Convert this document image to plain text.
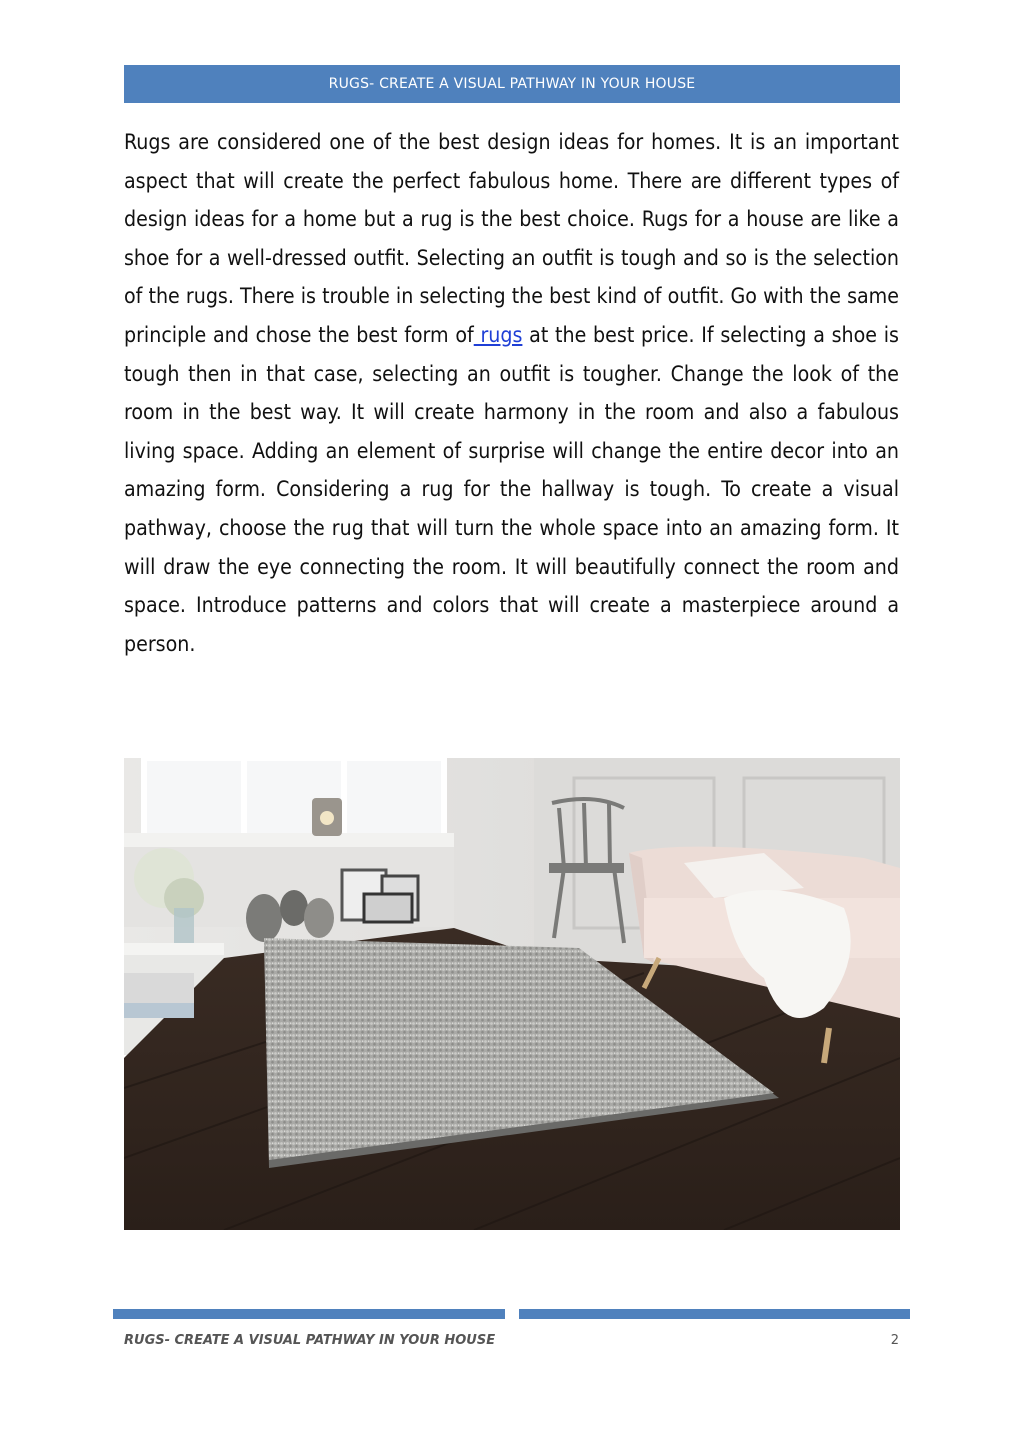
RUGS- CREATE A VISUAL PATHWAY IN YOUR HOUSE
Rugs are considered one of the best design ideas for homes. It is an important aspect that will create the perfect fabulous home. There are different types of design ideas for a home but a rug is the best choice. Rugs for a house are like a shoe for a well-dressed outfit. Selecting an outfit is tough and so is the selection of the rugs. There is trouble in selecting the best kind of outfit. Go with the same principle and chose the best form of rugs at the best price. If selecting a shoe is tough then in that case, selecting an outfit is tougher. Change the look of the room in the best way. It will create harmony in the room and also a fabulous living space. Adding an element of surprise will change the entire decor into an amazing form. Considering a rug for the hallway is tough. To create a visual pathway, choose the rug that will turn the whole space into an amazing form. It will draw the eye connecting the room. It will beautifully connect the room and space. Introduce patterns and colors that will create a masterpiece around a person.
RUGS- CREATE A VISUAL PATHWAY IN YOUR HOUSE	2
